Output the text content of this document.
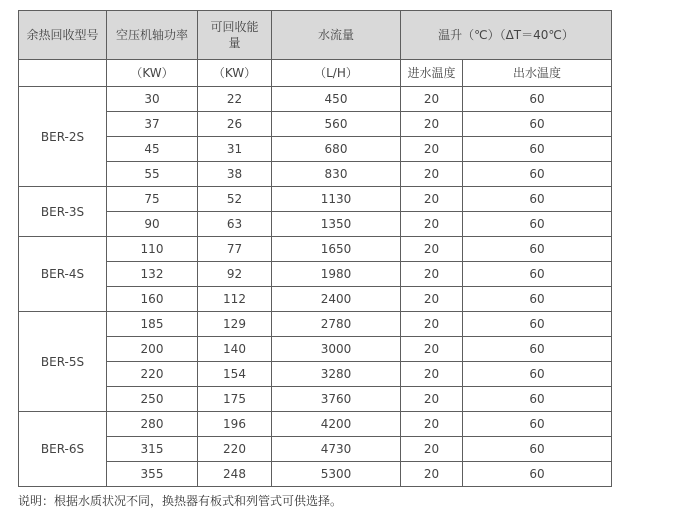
余热回收型号	空压机轴功率	可回收能量	水流量	温升（℃）（ΔT＝40℃）	
	（KW）	（KW）	（L/H）	进水温度	出水温度
BER-2S	30	22	450	20	60
	37	26	560	20	60
	45	31	680	20	60
	55	38	830	20	60
BER-3S	75	52	1130	20	60
	90	63	1350	20	60
BER-4S	110	77	1650	20	60
	132	92	1980	20	60
	160	112	2400	20	60
BER-5S	185	129	2780	20	60
	200	140	3000	20	60
	220	154	3280	20	60
	250	175	3760	20	60
BER-6S	280	196	4200	20	60
	315	220	4730	20	60
	355	248	5300	20	60
说明：根据水质状况不同，换热器有板式和列管式可供选择。
